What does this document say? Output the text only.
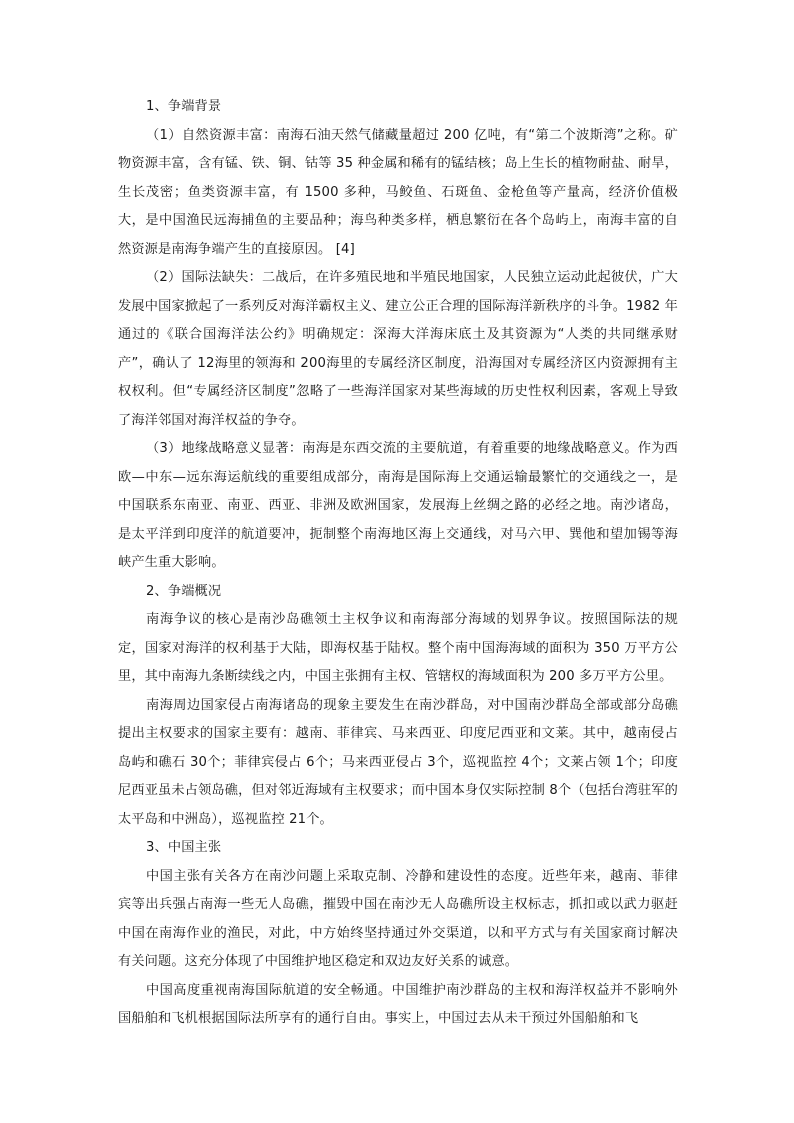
1、争端背景

（1）自然资源丰富：南海石油天然气储藏量超过 200 亿吨，有“第二个波斯湾”之称。矿物资源丰富，含有锰、铁、铜、钴等 35 种金属和稀有的锰结核；岛上生长的植物耐盐、耐旱，生长茂密；鱼类资源丰富，有 1500 多种，马鲛鱼、石斑鱼、金枪鱼等产量高，经济价值极大，是中国渔民远海捕鱼的主要品种；海鸟种类多样，栖息繁衍在各个岛屿上，南海丰富的自然资源是南海争端产生的直接原因。 [4]

（2）国际法缺失：二战后，在许多殖民地和半殖民地国家，人民独立运动此起彼伏，广大发展中国家掀起了一系列反对海洋霸权主义、建立公正合理的国际海洋新秩序的斗争。1982 年通过的《联合国海洋法公约》明确规定：深海大洋海床底土及其资源为“人类的共同继承财产”，确认了 12海里的领海和 200海里的专属经济区制度，沿海国对专属经济区内资源拥有主权权利。但“专属经济区制度”忽略了一些海洋国家对某些海域的历史性权利因素，客观上导致了海洋邻国对海洋权益的争夺。

（3）地缘战略意义显著：南海是东西交流的主要航道，有着重要的地缘战略意义。作为西欧—中东—远东海运航线的重要组成部分，南海是国际海上交通运输最繁忙的交通线之一，是中国联系东南亚、南亚、西亚、非洲及欧洲国家，发展海上丝绸之路的必经之地。南沙诸岛，是太平洋到印度洋的航道要冲，扼制整个南海地区海上交通线，对马六甲、巽他和望加锡等海峡产生重大影响。

2、争端概况

南海争议的核心是南沙岛礁领土主权争议和南海部分海域的划界争议。按照国际法的规定，国家对海洋的权利基于大陆，即海权基于陆权。整个南中国海海域的面积为 350 万平方公里，其中南海九条断续线之内，中国主张拥有主权、管辖权的海域面积为 200 多万平方公里。

南海周边国家侵占南海诸岛的现象主要发生在南沙群岛，对中国南沙群岛全部或部分岛礁提出主权要求的国家主要有：越南、菲律宾、马来西亚、印度尼西亚和文莱。其中，越南侵占岛屿和礁石 30个；菲律宾侵占 6个；马来西亚侵占 3个，巡视监控 4个；文莱占领 1个；印度尼西亚虽未占领岛礁，但对邻近海域有主权要求；而中国本身仅实际控制 8个（包括台湾驻军的太平岛和中洲岛），巡视监控 21个。

3、中国主张

中国主张有关各方在南沙问题上采取克制、冷静和建设性的态度。近些年来，越南、菲律宾等出兵强占南海一些无人岛礁，摧毁中国在南沙无人岛礁所设主权标志，抓扣或以武力驱赶中国在南海作业的渔民，对此，中方始终坚持通过外交渠道，以和平方式与有关国家商讨解决有关问题。这充分体现了中国维护地区稳定和双边友好关系的诚意。

中国高度重视南海国际航道的安全畅通。中国维护南沙群岛的主权和海洋权益并不影响外国船舶和飞机根据国际法所享有的通行自由。事实上，中国过去从未干预过外国船舶和飞
